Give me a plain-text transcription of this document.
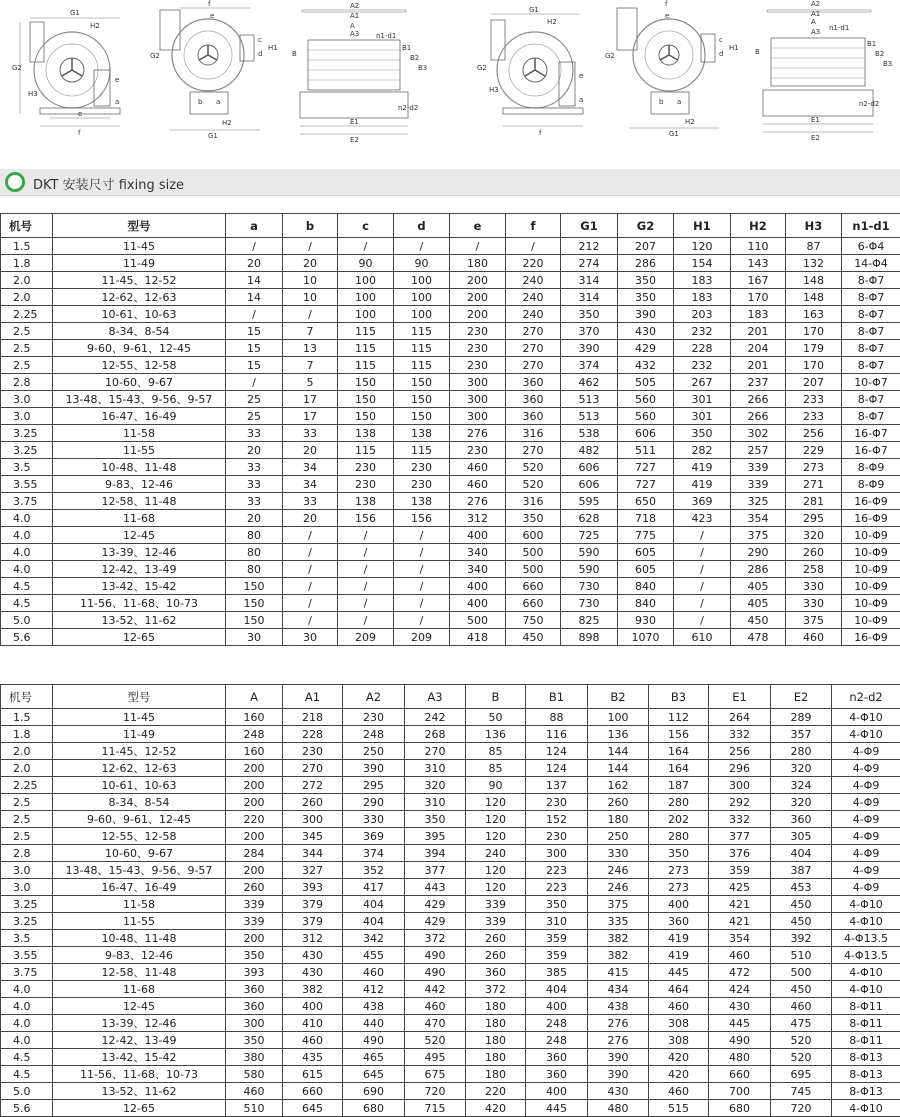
G1
H2
G2
H3
e
a
e
f
f
e
c
d
G2
H1
G1
b a
H2
A2
A1
A
A3 n1-d1
B
B1
B2
B3
n2-d2
E1
E2
G1
H2
G2
H3
e
a
f
f
e
c
d
G2
H1
G1
b a
H2
A2
A1
A
A3 n1-d1
B
B1
B2
B3
n2-d2
E1
E2
DKT 安装尺寸 fixing size
机号	型号	a	b	c	d	e	f	G1	G2	H1	H2	H3	n1-d1
1.5	11-45	/	/	/	/	/	/	212	207	120	110	87	6-Φ4
1.8	11-49	20	20	90	90	180	220	274	286	154	143	132	14-Φ4
2.0	11-45、12-52	14	10	100	100	200	240	314	350	183	167	148	8-Φ7
2.0	12-62、12-63	14	10	100	100	200	240	314	350	183	170	148	8-Φ7
2.25	10-61、10-63	/	/	100	100	200	240	350	390	203	183	163	8-Φ7
2.5	8-34、8-54	15	7	115	115	230	270	370	430	232	201	170	8-Φ7
2.5	9-60、9-61、12-45	15	13	115	115	230	270	390	429	228	204	179	8-Φ7
2.5	12-55、12-58	15	7	115	115	230	270	374	432	232	201	170	8-Φ7
2.8	10-60、9-67	/	5	150	150	300	360	462	505	267	237	207	10-Φ7
3.0	13-48、15-43、9-56、9-57	25	17	150	150	300	360	513	560	301	266	233	8-Φ7
3.0	16-47、16-49	25	17	150	150	300	360	513	560	301	266	233	8-Φ7
3.25	11-58	33	33	138	138	276	316	538	606	350	302	256	16-Φ7
3.25	11-55	20	20	115	115	230	270	482	511	282	257	229	16-Φ7
3.5	10-48、11-48	33	34	230	230	460	520	606	727	419	339	273	8-Φ9
3.55	9-83、12-46	33	34	230	230	460	520	606	727	419	339	271	8-Φ9
3.75	12-58、11-48	33	33	138	138	276	316	595	650	369	325	281	16-Φ9
4.0	11-68	20	20	156	156	312	350	628	718	423	354	295	16-Φ9
4.0	12-45	80	/	/	/	400	600	725	775	/	375	320	10-Φ9
4.0	13-39、12-46	80	/	/	/	340	500	590	605	/	290	260	10-Φ9
4.0	12-42、13-49	80	/	/	/	340	500	590	605	/	286	258	10-Φ9
4.5	13-42、15-42	150	/	/	/	400	660	730	840	/	405	330	10-Φ9
4.5	11-56、11-68、10-73	150	/	/	/	400	660	730	840	/	405	330	10-Φ9
5.0	13-52、11-62	150	/	/	/	500	750	825	930	/	450	375	10-Φ9
5.6	12-65	30	30	209	209	418	450	898	1070	610	478	460	16-Φ9
机号	型号	A	A1	A2	A3	B	B1	B2	B3	E1	E2	n2-d2
1.5	11-45	160	218	230	242	50	88	100	112	264	289	4-Φ10
1.8	11-49	248	228	248	268	136	116	136	156	332	357	4-Φ10
2.0	11-45、12-52	160	230	250	270	85	124	144	164	256	280	4-Φ9
2.0	12-62、12-63	200	270	390	310	85	124	144	164	296	320	4-Φ9
2.25	10-61、10-63	200	272	295	320	90	137	162	187	300	324	4-Φ9
2.5	8-34、8-54	200	260	290	310	120	230	260	280	292	320	4-Φ9
2.5	9-60、9-61、12-45	220	300	330	350	120	152	180	202	332	360	4-Φ9
2.5	12-55、12-58	200	345	369	395	120	230	250	280	377	305	4-Φ9
2.8	10-60、9-67	284	344	374	394	240	300	330	350	376	404	4-Φ9
3.0	13-48、15-43、9-56、9-57	200	327	352	377	120	223	246	273	359	387	4-Φ9
3.0	16-47、16-49	260	393	417	443	120	223	246	273	425	453	4-Φ9
3.25	11-58	339	379	404	429	339	350	375	400	421	450	4-Φ10
3.25	11-55	339	379	404	429	339	310	335	360	421	450	4-Φ10
3.5	10-48、11-48	200	312	342	372	260	359	382	419	354	392	4-Φ13.5
3.55	9-83、12-46	350	430	455	490	260	359	382	419	460	510	4-Φ13.5
3.75	12-58、11-48	393	430	460	490	360	385	415	445	472	500	4-Φ10
4.0	11-68	360	382	412	442	372	404	434	464	424	450	4-Φ10
4.0	12-45	360	400	438	460	180	400	438	460	430	460	8-Φ11
4.0	13-39、12-46	300	410	440	470	180	248	276	308	445	475	8-Φ11
4.0	12-42、13-49	350	460	490	520	180	248	276	308	490	520	8-Φ11
4.5	13-42、15-42	380	435	465	495	180	360	390	420	480	520	8-Φ13
4.5	11-56、11-68、10-73	580	615	645	675	180	360	390	420	660	695	8-Φ13
5.0	13-52、11-62	460	660	690	720	220	400	430	460	700	745	8-Φ13
5.6	12-65	510	645	680	715	420	445	480	515	680	720	4-Φ10
